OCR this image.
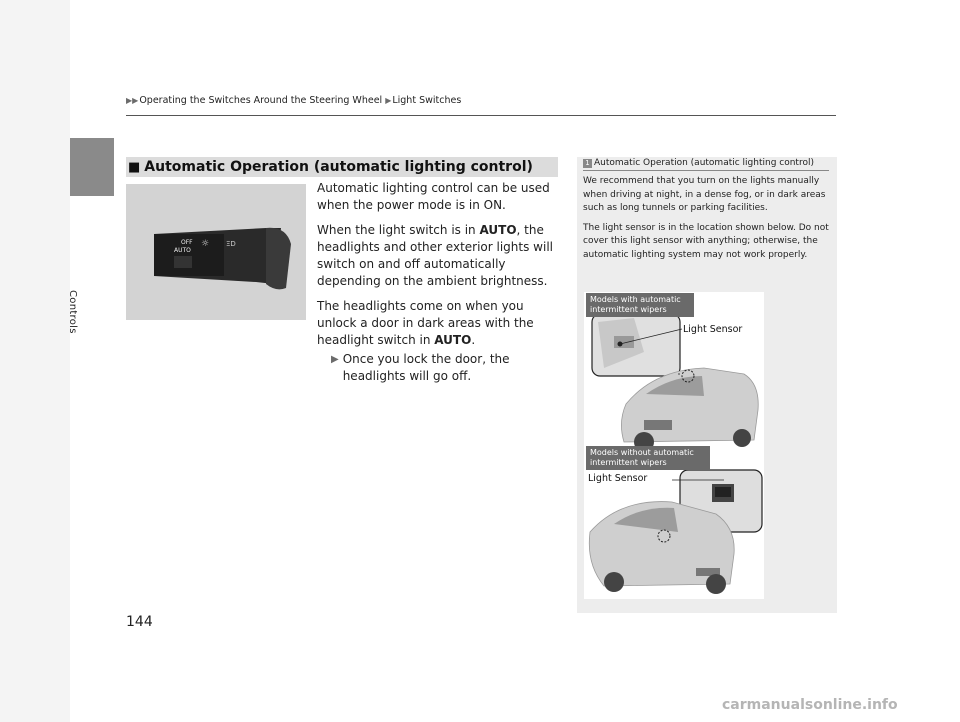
Controls
▶▶ Operating the Switches Around the Steering Wheel ▶ Light Switches
■ Automatic Operation (automatic lighting control)
OFF
AUTO
☼ ΞD

Automatic lighting control can be used when the power mode is in ON.

When the light switch is in AUTO, the headlights and other exterior lights will switch on and off automatically depending on the ambient brightness.

The headlights come on when you unlock a door in dark areas with the headlight switch in AUTO.

▶ Once you lock the door, the headlights will go off.
1 Automatic Operation (automatic lighting control)

We recommend that you turn on the lights manually when driving at night, in a dense fog, or in dark areas such as long tunnels or parking facilities.

The light sensor is in the location shown below. Do not cover this light sensor with anything; otherwise, the automatic lighting system may not work properly.

Models with automatic intermittent wipers
Models without automatic intermittent wipers
Light Sensor
Light Sensor
144
carmanualsonline.info
